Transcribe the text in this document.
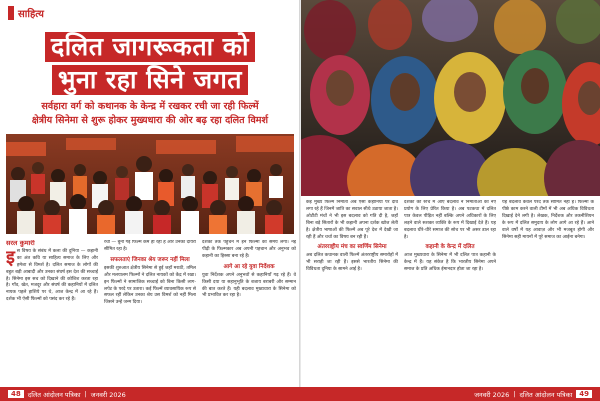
साहित्य
दलित जागरूकता को
भुना रहा सिने जगत
सर्वहारा वर्ग को कथानक के केन्द्र में रखकर रची जा रही फिल्में
क्षेत्रीय सिनेमा से शुरू होकर मुख्यधारा की ओर बढ़ रहा दलित विमर्श
सरल कुमारी
इ स विषय के संबंध में कला की दुनिया — कहानी का अंत कवि या साहित्य समाज के लिए और हमेशा से विमर्श है। दलित समाज के लोगों की बहुत बड़ी आबादी और उनका संघर्ष इस देश की सच्चाई है। सिनेमा इस सच को दिखाने की कोशिश करता रहा है। गाँव, खेत, मजदूर और संघर्ष की कहानियों में दलित नायक पहले हाशिये पर थे, आज केन्द्र में आ रहे हैं। दर्शक भी ऐसी फिल्मों को पसंद कर रहे हैं।
रची — बुनी गई फिल्में कम ही रहीं हैं और उनका दायरा सीमित रहा है।
सफलताएं जिनका श्रेय जरूर नहीं मिला
इसकी शुरुआत क्षेत्रीय सिनेमा से हुई जहाँ मराठी, तमिल और मलयालम फिल्मों ने दलित नायकों को केंद्र में रखा। इन फिल्मों ने सामाजिक सच्चाई को बिना किसी लाग-लपेट के परदे पर उतारा। कई फिल्में व्यावसायिक रूप से सफल रहीं लेकिन उनका श्रेय उस विमर्श को नहीं मिला जिसने उन्हें जन्म दिया।
दर्शकों तक पहुँचने में इन फिल्मों को समय लगा। नई पीढ़ी के फिल्मकार अब अपनी पहचान और अनुभव को कहानी का हिस्सा बना रहे हैं।
आगे आ रहे युवा निर्देशक
युवा निर्देशक अपने अनुभवों से कहानियाँ गढ़ रहे हैं। वे किसी दया या सहानुभूति के बजाय बराबरी और सम्मान की बात करते हैं। यही बदलाव मुख्यधारा के सिनेमा को भी प्रभावित कर रहा है।
कई मुख्य फिल्म निर्माता अब ऐसी कहानियों पर दाँव लगा रहे हैं जिनमें जाति का सवाल सीधे उठाया जाता है। ओटीटी मंचों ने भी इस बदलाव को गति दी है, जहाँ बिना बड़े सितारों के भी कहानी अपना दर्शक खोज लेती है। क्षेत्रीय भाषाओं की फिल्में अब पूरे देश में देखी जा रही हैं और चर्चा का विषय बन रही हैं।
अंतरराष्ट्रीय मंच का स्वर्णिम सिनेमा
अब दलित कथानक वाली फिल्में अंतरराष्ट्रीय समारोहों में भी सराही जा रही हैं। इससे भारतीय सिनेमा की विविधता दुनिया के सामने आई है।
दर्शकों की रुचि में आए बदलाव ने निर्माताओं को नए प्रयोग के लिए प्रेरित किया है। अब पटकथा में दलित पात्र केवल पीड़ित नहीं बल्कि अपने अधिकारों के लिए लड़ने वाले सशक्त व्यक्ति के रूप में दिखाई देते हैं। यह बदलाव धीरे-धीरे समाज की सोच पर भी असर डाल रहा है।
कहानी के केन्द्र में दलित
आज मुख्यधारा के सिनेमा में भी दलित पात्र कहानी के केन्द्र में हैं। यह संकेत है कि भारतीय सिनेमा अपने समाज के प्रति अधिक ईमानदार होता जा रहा है।
यह बदलाव केवल परदे तक सीमित नहीं है। फिल्मों के पीछे काम करने वाली टीमों में भी अब अधिक विविधता दिखाई देने लगी है। लेखक, निर्देशक और तकनीशियन के रूप में दलित समुदाय के लोग आगे आ रहे हैं। आने वाले वर्षों में यह आवाज़ और भी मजबूत होगी और सिनेमा सही मायनों में पूरे समाज का आईना बनेगा।
48	दलित आंदोलन पत्रिका | जनवरी 2026	जनवरी 2026 | दलित आंदोलन पत्रिका	49
